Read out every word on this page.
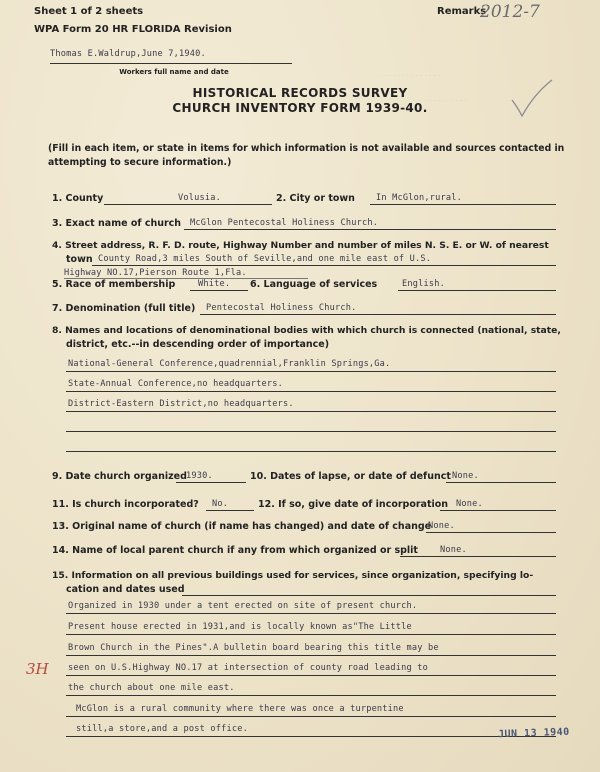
. . . . . . . . . . . . . .
. . . . . . . . . . .
Sheet 1 of 2 sheets
WPA Form 20 HR FLORIDA Revision
Remarks
2012-7
Thomas E.Waldrup,June 7,1940.
Workers full name and date
HISTORICAL RECORDS SURVEY
CHURCH INVENTORY FORM 1939-40.
(Fill in each item, or state in items for which information is not available and sources contacted in
attempting to secure information.)
1. County	Volusia.	2. City or town In McGlon,rural.
3. Exact name of church McGlon Pentecostal Holiness Church.
4. Street address, R. F. D. route, Highway Number and number of miles N. S. E. or W. of nearest
town County Road,3 miles South of Seville,and one mile east of U.S.
Highway NO.17,Pierson Route 1,Fla.
5. Race of membership	White. 6. Language of services	English.
7. Denomination (full title) Pentecostal Holiness Church.
8. Names and locations of denominational bodies with which church is connected (national, state,
district, etc.--in descending order of importance)
National-General Conference,quadrennial,Franklin Springs,Ga.
State-Annual Conference,no headquarters.
District-Eastern District,no headquarters.
9. Date church organized 1930.	10. Dates of lapse, or date of defunct None.
11. Is church incorporated? No.	12. If so, give date of incorporation None.
13. Original name of church (if name has changed) and date of change
None.
14. Name of local parent church if any from which organized or split	None.
15. Information on all previous buildings used for services, since organization, specifying lo-
cation and dates used
Organized in 1930 under a tent erected on site of present church.
Present house erected in 1931,and is locally known as"The Little
Brown Church in the Pines".A bulletin board bearing this title may be
seen on U.S.Highway NO.17 at intersection of county road leading to
the church about one mile east.
McGlon is a rural community where there was once a turpentine
still,a store,and a post office.
3H
JUN 13 1940
